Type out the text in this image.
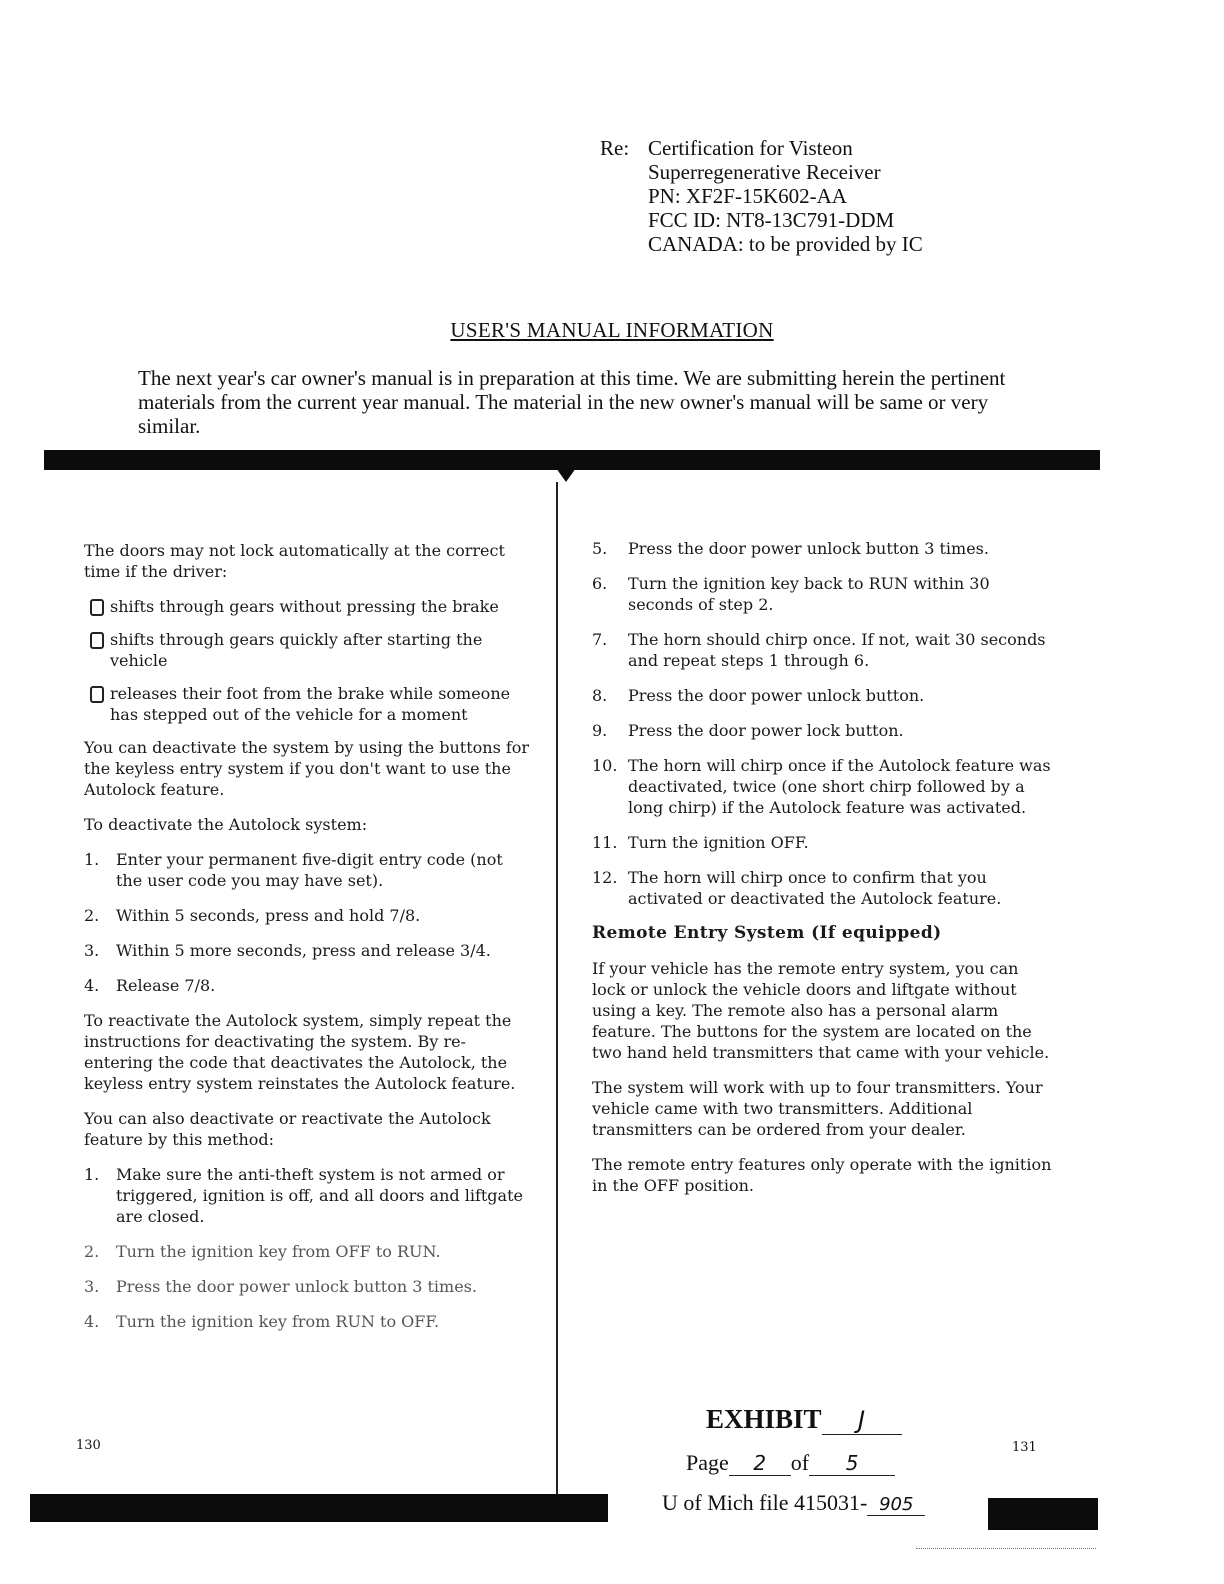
Re: Certification for Visteon
Superregenerative Receiver
PN: XF2F-15K602-AA
FCC ID: NT8-13C791-DDM
CANADA: to be provided by IC
USER'S MANUAL INFORMATION
The next year's car owner's manual is in preparation at this time. We are submitting herein the pertinent materials from the current year manual. The material in the new owner's manual will be same or very similar.
The doors may not lock automatically at the correct time if the driver:
shifts through gears without pressing the brake
shifts through gears quickly after starting the vehicle
releases their foot from the brake while someone has stepped out of the vehicle for a moment
You can deactivate the system by using the buttons for the keyless entry system if you don't want to use the Autolock feature.
To deactivate the Autolock system:
1.	Enter your permanent five-digit entry code (not the user code you may have set).
2.	Within 5 seconds, press and hold 7/8.
3.	Within 5 more seconds, press and release 3/4.
4.	Release 7/8.
To reactivate the Autolock system, simply repeat the instructions for deactivating the system. By re-entering the code that deactivates the Autolock, the keyless entry system reinstates the Autolock feature.
You can also deactivate or reactivate the Autolock feature by this method:
1.	Make sure the anti-theft system is not armed or triggered, ignition is off, and all doors and liftgate are closed.
2.	Turn the ignition key from OFF to RUN.
3.	Press the door power unlock button 3 times.
4.	Turn the ignition key from RUN to OFF.
130
5.	Press the door power unlock button 3 times.
6.	Turn the ignition key back to RUN within 30 seconds of step 2.
7.	The horn should chirp once. If not, wait 30 seconds and repeat steps 1 through 6.
8.	Press the door power unlock button.
9.	Press the door power lock button.
10. The horn will chirp once if the Autolock feature was deactivated, twice (one short chirp followed by a long chirp) if the Autolock feature was activated.
11. Turn the ignition OFF.
12. The horn will chirp once to confirm that you activated or deactivated the Autolock feature.
Remote Entry System (If equipped)
If your vehicle has the remote entry system, you can lock or unlock the vehicle doors and liftgate without using a key. The remote also has a personal alarm feature. The buttons for the system are located on the two hand held transmitters that came with your vehicle.
The system will work with up to four transmitters. Your vehicle came with two transmitters. Additional transmitters can be ordered from your dealer.
The remote entry features only operate with the ignition in the OFF position.
131
EXHIBIT J
Page 2 of 5
U of Mich file 415031- 905
